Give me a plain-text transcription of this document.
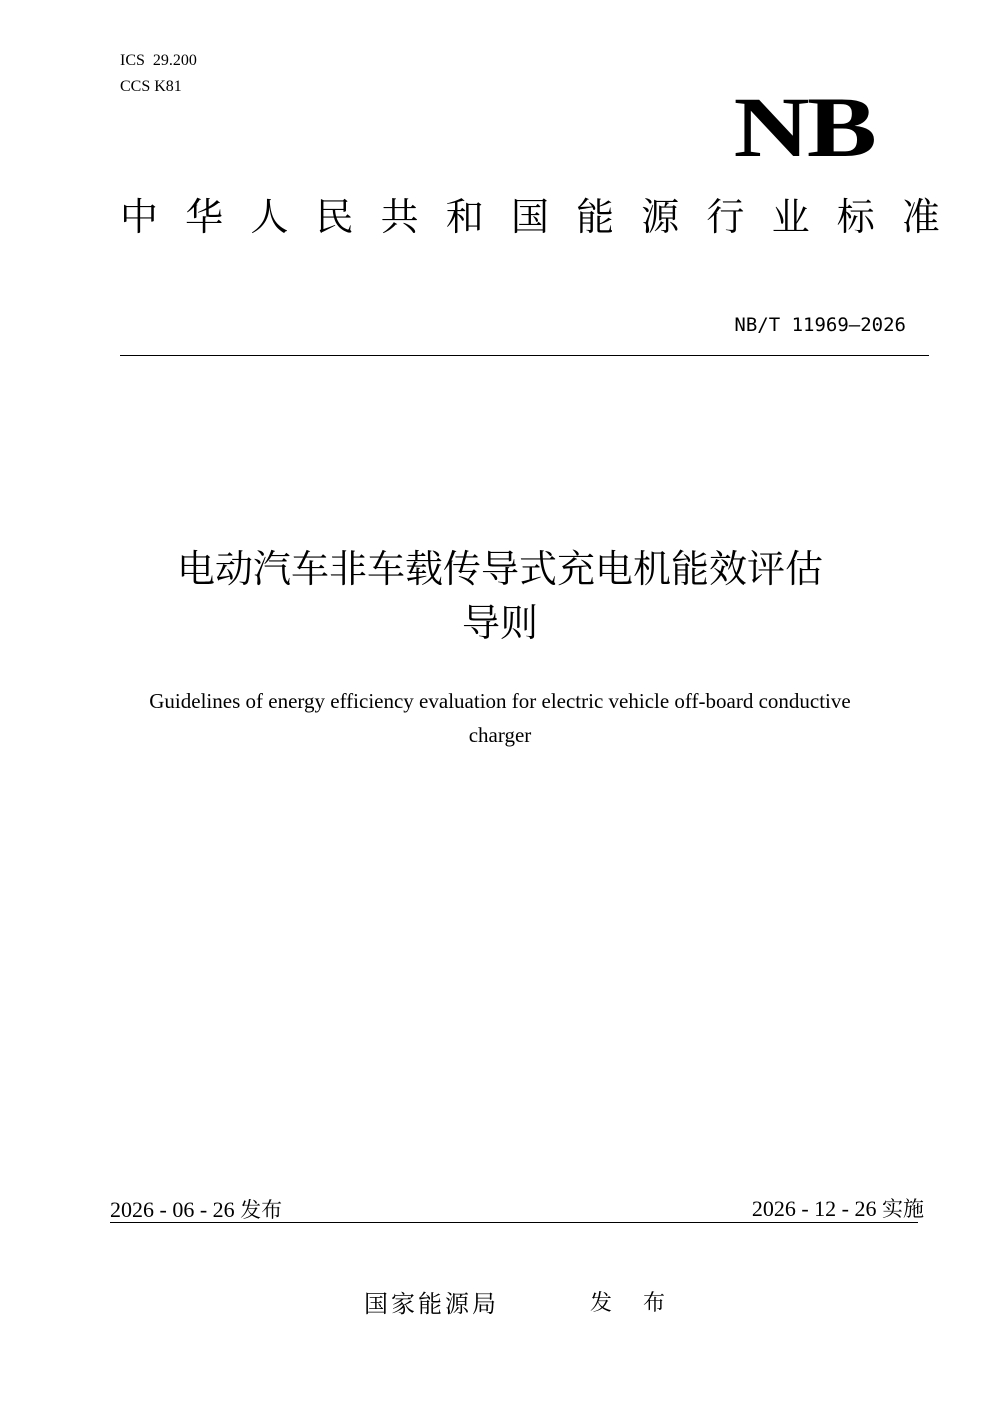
ICS  29.200
CCS K81	NB
中 华 人 民 共 和 国 能 源 行 业 标 准
NB/T 11969—2026
电动汽车非车载传导式充电机能效评估
导则
Guidelines of energy efficiency evaluation for electric vehicle off-board conductive
charger
2026 - 06 - 26 发布	2026 - 12 - 26 实施
国家能源局	发 布
